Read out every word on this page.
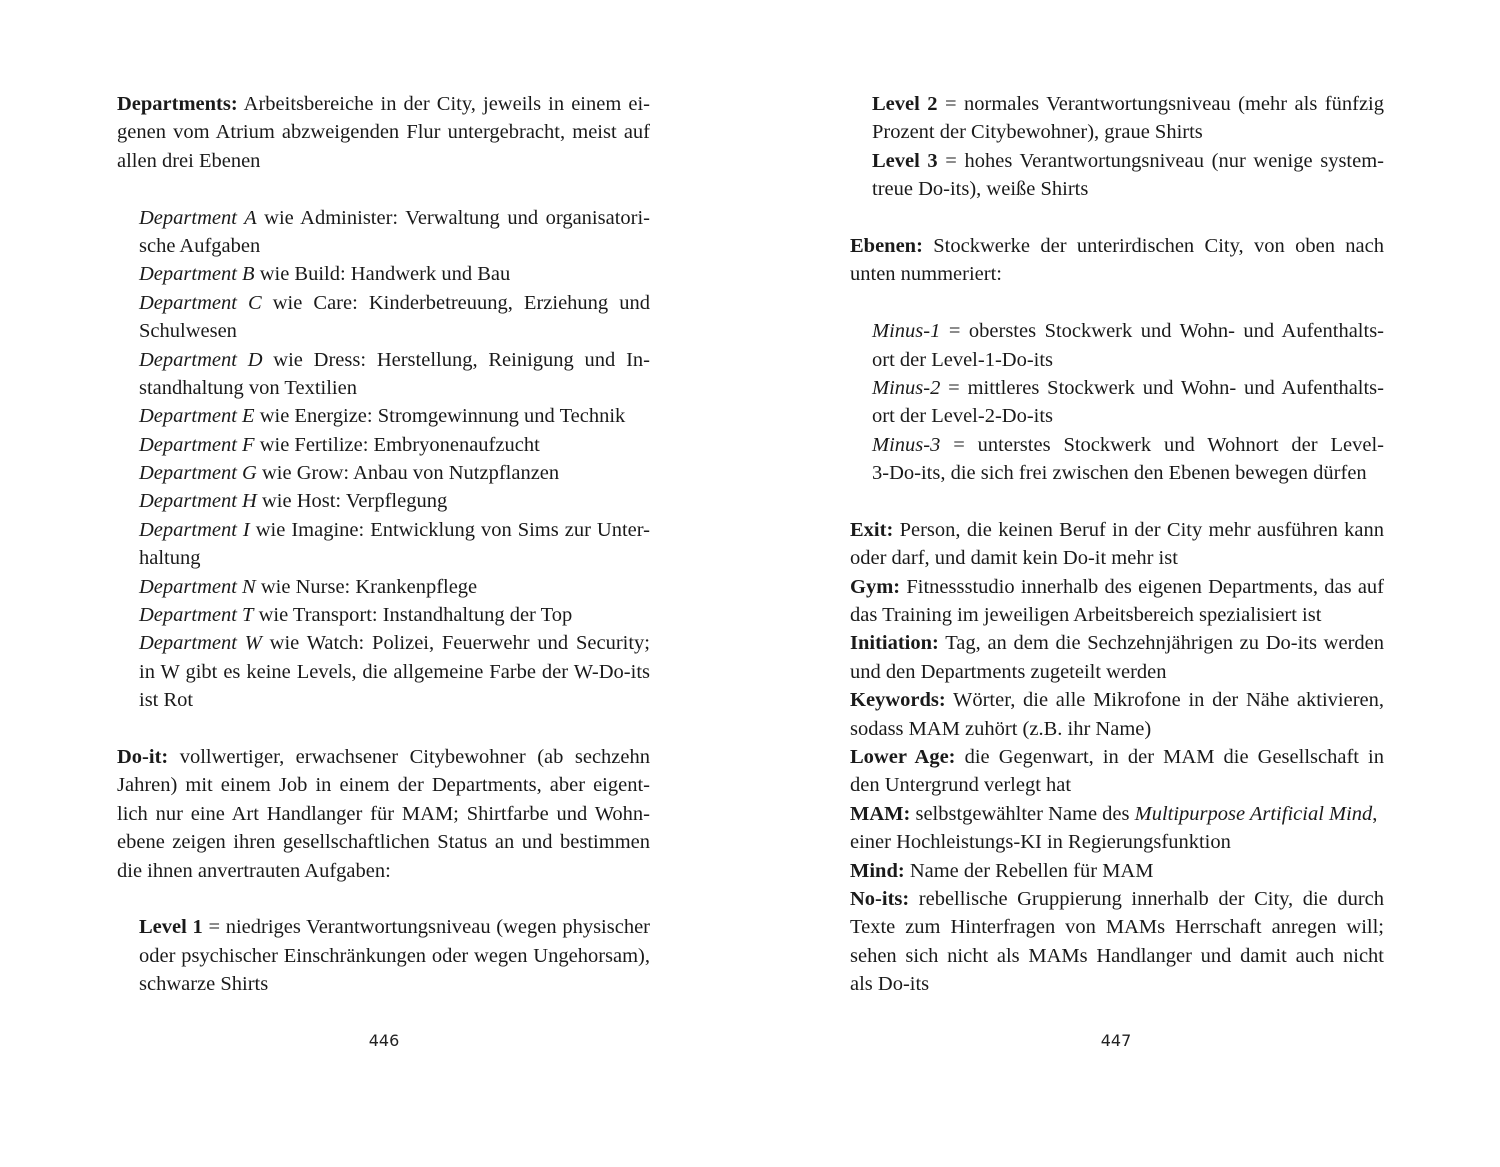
Departments: Arbeitsbereiche in der City, jeweils in einem ei-
genen vom Atrium abzweigenden Flur untergebracht, meist auf
allen drei Ebenen
Department A wie Administer: Verwaltung und organisatori-
sche Aufgaben
Department B wie Build: Handwerk und Bau
Department C wie Care: Kinderbetreuung, Erziehung und
Schulwesen
Department D wie Dress: Herstellung, Reinigung und In-
standhaltung von Textilien
Department E wie Energize: Stromgewinnung und Technik
Department F wie Fertilize: Embryonenaufzucht
Department G wie Grow: Anbau von Nutzpflanzen
Department H wie Host: Verpflegung
Department I wie Imagine: Entwicklung von Sims zur Unter-
haltung
Department N wie Nurse: Krankenpflege
Department T wie Transport: Instandhaltung der Top
Department W wie Watch: Polizei, Feuerwehr und Security;
in W gibt es keine Levels, die allgemeine Farbe der W-Do-its
ist Rot
Do-it: vollwertiger, erwachsener Citybewohner (ab sechzehn
Jahren) mit einem Job in einem der Departments, aber eigent-
lich nur eine Art Handlanger für MAM; Shirtfarbe und Wohn-
ebene zeigen ihren gesellschaftlichen Status an und bestimmen
die ihnen anvertrauten Aufgaben:
Level 1 = niedriges Verantwortungsniveau (wegen physischer
oder psychischer Einschränkungen oder wegen Ungehorsam),
schwarze Shirts
446
Level 2 = normales Verantwortungsniveau (mehr als fünfzig
Prozent der Citybewohner), graue Shirts
Level 3 = hohes Verantwortungsniveau (nur wenige system-
treue Do-its), weiße Shirts
Ebenen: Stockwerke der unterirdischen City, von oben nach
unten nummeriert:
Minus-1 = oberstes Stockwerk und Wohn- und Aufenthalts-
ort der Level-1-Do-its
Minus-2 = mittleres Stockwerk und Wohn- und Aufenthalts-
ort der Level-2-Do-its
Minus-3 = unterstes Stockwerk und Wohnort der Level-
3-Do-its, die sich frei zwischen den Ebenen bewegen dürfen
Exit: Person, die keinen Beruf in der City mehr ausführen kann
oder darf, und damit kein Do-it mehr ist
Gym: Fitnessstudio innerhalb des eigenen Departments, das auf
das Training im jeweiligen Arbeitsbereich spezialisiert ist
Initiation: Tag, an dem die Sechzehnjährigen zu Do-its werden
und den Departments zugeteilt werden
Keywords: Wörter, die alle Mikrofone in der Nähe aktivieren,
sodass MAM zuhört (z.B. ihr Name)
Lower Age: die Gegenwart, in der MAM die Gesellschaft in
den Untergrund verlegt hat
MAM: selbstgewählter Name des Multipurpose Artificial Mind,
einer Hochleistungs-KI in Regierungsfunktion
Mind: Name der Rebellen für MAM
No-its: rebellische Gruppierung innerhalb der City, die durch
Texte zum Hinterfragen von MAMs Herrschaft anregen will;
sehen sich nicht als MAMs Handlanger und damit auch nicht
als Do-its
447
